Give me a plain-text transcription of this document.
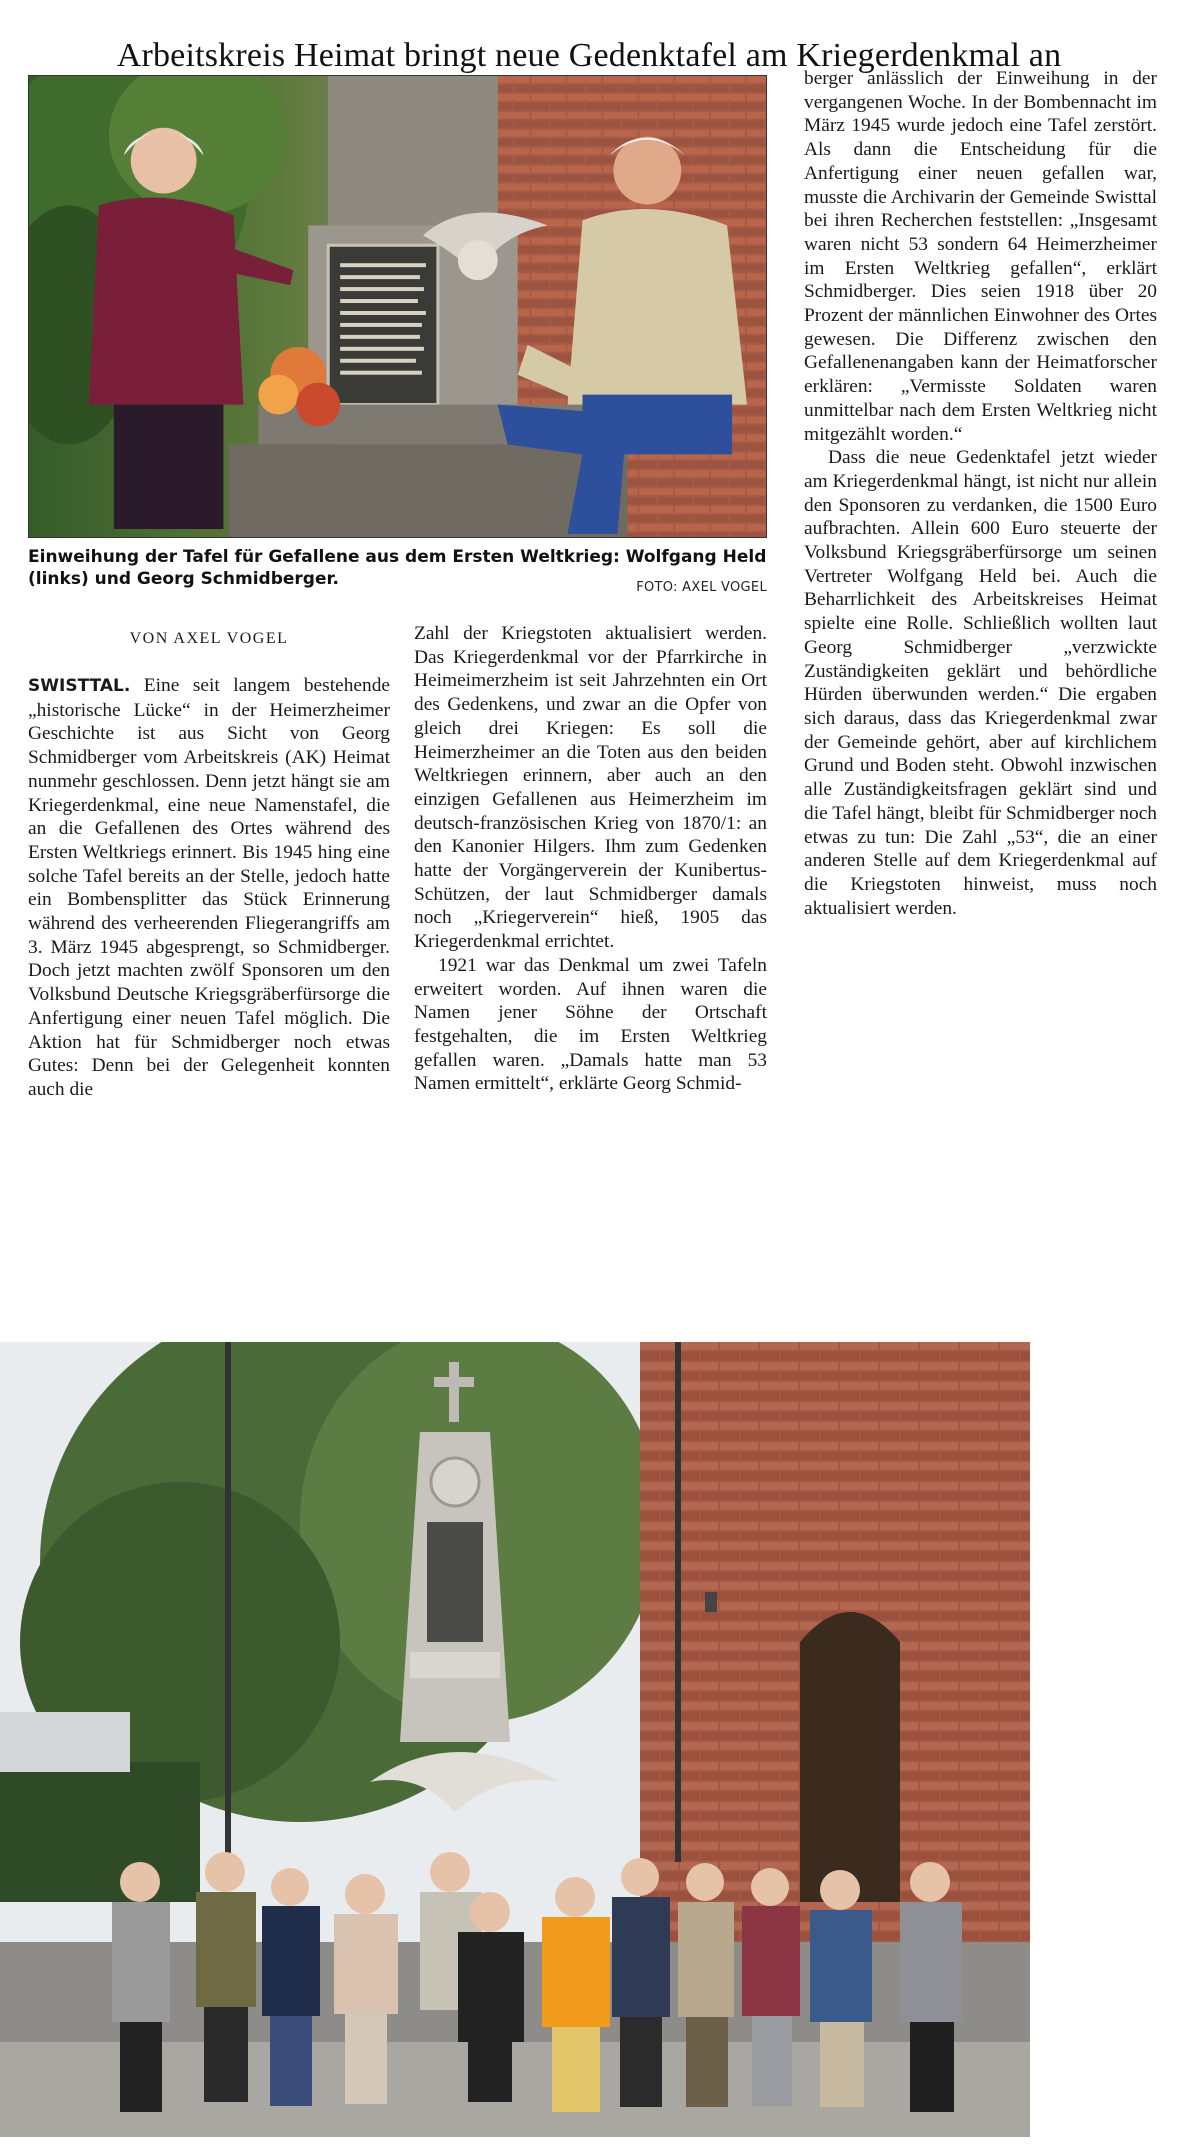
Arbeitskreis Heimat bringt neue Gedenktafel am Kriegerdenkmal an
Einweihung der Tafel für Gefallene aus dem Ersten Weltkrieg: Wolfgang Held (links) und Georg Schmidberger.	FOTO: AXEL VOGEL
VON AXEL VOGEL

SWISTTAL. Eine seit langem bestehende „historische Lücke“ in der Heimerzheimer Geschichte ist aus Sicht von Georg Schmidberger vom Arbeitskreis (AK) Heimat nunmehr geschlossen. Denn jetzt hängt sie am Kriegerdenkmal, eine neue Namenstafel, die an die Gefallenen des Ortes während des Ersten Weltkriegs erinnert. Bis 1945 hing eine solche Tafel bereits an der Stelle, jedoch hatte ein Bombensplitter das Stück Erinnerung während des verheerenden Fliegerangriffs am 3. März 1945 abgesprengt, so Schmidberger. Doch jetzt machten zwölf Sponsoren um den Volksbund Deutsche Kriegsgräberfürsorge die Anfertigung einer neuen Tafel möglich. Die Aktion hat für Schmidberger noch etwas Gutes: Denn bei der Gelegenheit konnten auch die

Zahl der Kriegstoten aktualisiert werden. Das Kriegerdenkmal vor der Pfarrkirche in Heimeimerzheim ist seit Jahrzehnten ein Ort des Gedenkens, und zwar an die Opfer von gleich drei Kriegen: Es soll die Heimerzheimer an die Toten aus den beiden Weltkriegen erinnern, aber auch an den einzigen Gefallenen aus Heimerzheim im deutsch-französischen Krieg von 1870/1: an den Kanonier Hilgers. Ihm zum Gedenken hatte der Vorgängerverein der Kunibertus-Schützen, der laut Schmidberger damals noch „Kriegerverein“ hieß, 1905 das Kriegerdenkmal errichtet.

1921 war das Denkmal um zwei Tafeln erweitert worden. Auf ihnen waren die Namen jener Söhne der Ortschaft festgehalten, die im Ersten Weltkrieg gefallen waren. „Damals hatte man 53 Namen ermittelt“, erklärte Georg Schmid-

berger anlässlich der Einweihung in der vergangenen Woche. In der Bombennacht im März 1945 wurde jedoch eine Tafel zerstört. Als dann die Entscheidung für die Anfertigung einer neuen gefallen war, musste die Archivarin der Gemeinde Swisttal bei ihren Recherchen feststellen: „Insgesamt waren nicht 53 sondern 64 Heimerzheimer im Ersten Weltkrieg gefallen“, erklärt Schmidberger. Dies seien 1918 über 20 Prozent der männlichen Einwohner des Ortes gewesen. Die Differenz zwischen den Gefallenenangaben kann der Heimatforscher erklären: „Vermisste Soldaten waren unmittelbar nach dem Ersten Weltkrieg nicht mitgezählt worden.“

Dass die neue Gedenktafel jetzt wieder am Kriegerdenkmal hängt, ist nicht nur allein den Sponsoren zu verdanken, die 1500 Euro aufbrachten. Allein 600 Euro steuerte der Volksbund Kriegsgräberfürsorge um seinen Vertreter Wolfgang Held bei. Auch die Beharrlichkeit des Arbeitskreises Heimat spielte eine Rolle. Schließlich wollten laut Georg Schmidberger „verzwickte Zuständigkeiten geklärt und behördliche Hürden überwunden werden.“ Die ergaben sich daraus, dass das Kriegerdenkmal zwar der Gemeinde gehört, aber auf kirchlichem Grund und Boden steht. Obwohl inzwischen alle Zuständigkeitsfragen geklärt sind und die Tafel hängt, bleibt für Schmidberger noch etwas zu tun: Die Zahl „53“, die an einer anderen Stelle auf dem Kriegerdenkmal auf die Kriegstoten hinweist, muss noch aktualisiert werden.
